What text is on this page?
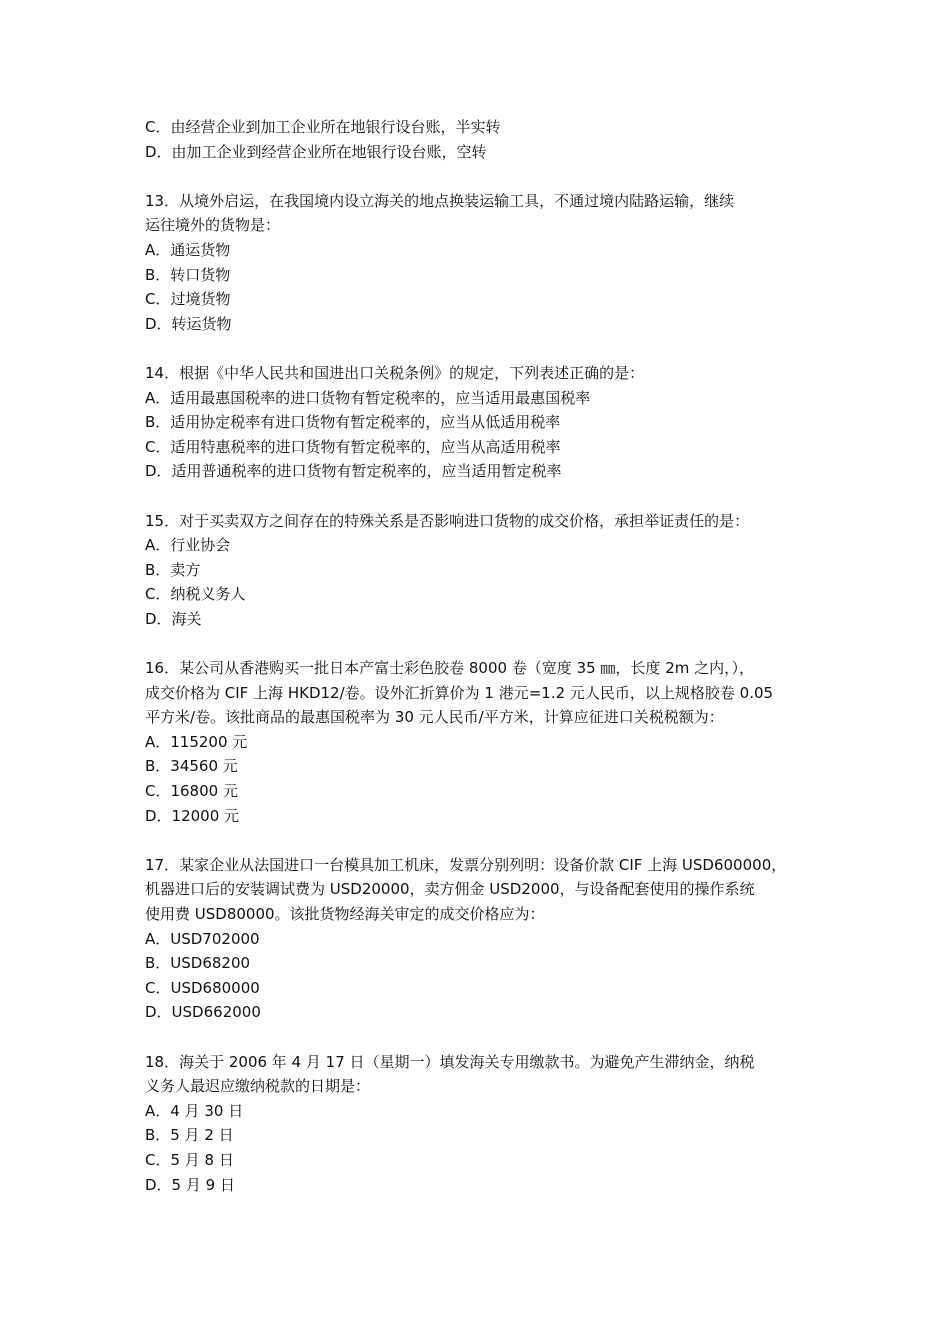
C．由经营企业到加工企业所在地银行设台账，半实转
D．由加工企业到经营企业所在地银行设台账，空转
13．从境外启运，在我国境内设立海关的地点换装运输工具，不通过境内陆路运输，继续
运往境外的货物是：
A．通运货物
B．转口货物
C．过境货物
D．转运货物
14．根据《中华人民共和国进出口关税条例》的规定，下列表述正确的是：
A．适用最惠国税率的进口货物有暂定税率的，应当适用最惠国税率
B．适用协定税率有进口货物有暂定税率的，应当从低适用税率
C．适用特惠税率的进口货物有暂定税率的，应当从高适用税率
D．适用普通税率的进口货物有暂定税率的，应当适用暂定税率
15．对于买卖双方之间存在的特殊关系是否影响进口货物的成交价格，承担举证责任的是：
A．行业协会
B．卖方
C．纳税义务人
D．海关
16．某公司从香港购买一批日本产富士彩色胶卷 8000 卷（宽度 35 ㎜，长度 2m 之内，），
成交价格为 CIF 上海 HKD12/卷。设外汇折算价为 1 港元=1.2 元人民币，以上规格胶卷 0.05
平方米/卷。该批商品的最惠国税率为 30 元人民币/平方米，计算应征进口关税税额为：
A．115200 元
B．34560 元
C．16800 元
D．12000 元
17．某家企业从法国进口一台模具加工机床，发票分别列明：设备价款 CIF 上海 USD600000，
机器进口后的安装调试费为 USD20000，卖方佣金 USD2000，与设备配套使用的操作系统
使用费 USD80000。该批货物经海关审定的成交价格应为：
A．USD702000
B．USD68200
C．USD680000
D．USD662000
18．海关于 2006 年 4 月 17 日（星期一）填发海关专用缴款书。为避免产生滞纳金，纳税
义务人最迟应缴纳税款的日期是：
A．4 月 30 日
B．5 月 2 日
C．5 月 8 日
D．5 月 9 日
